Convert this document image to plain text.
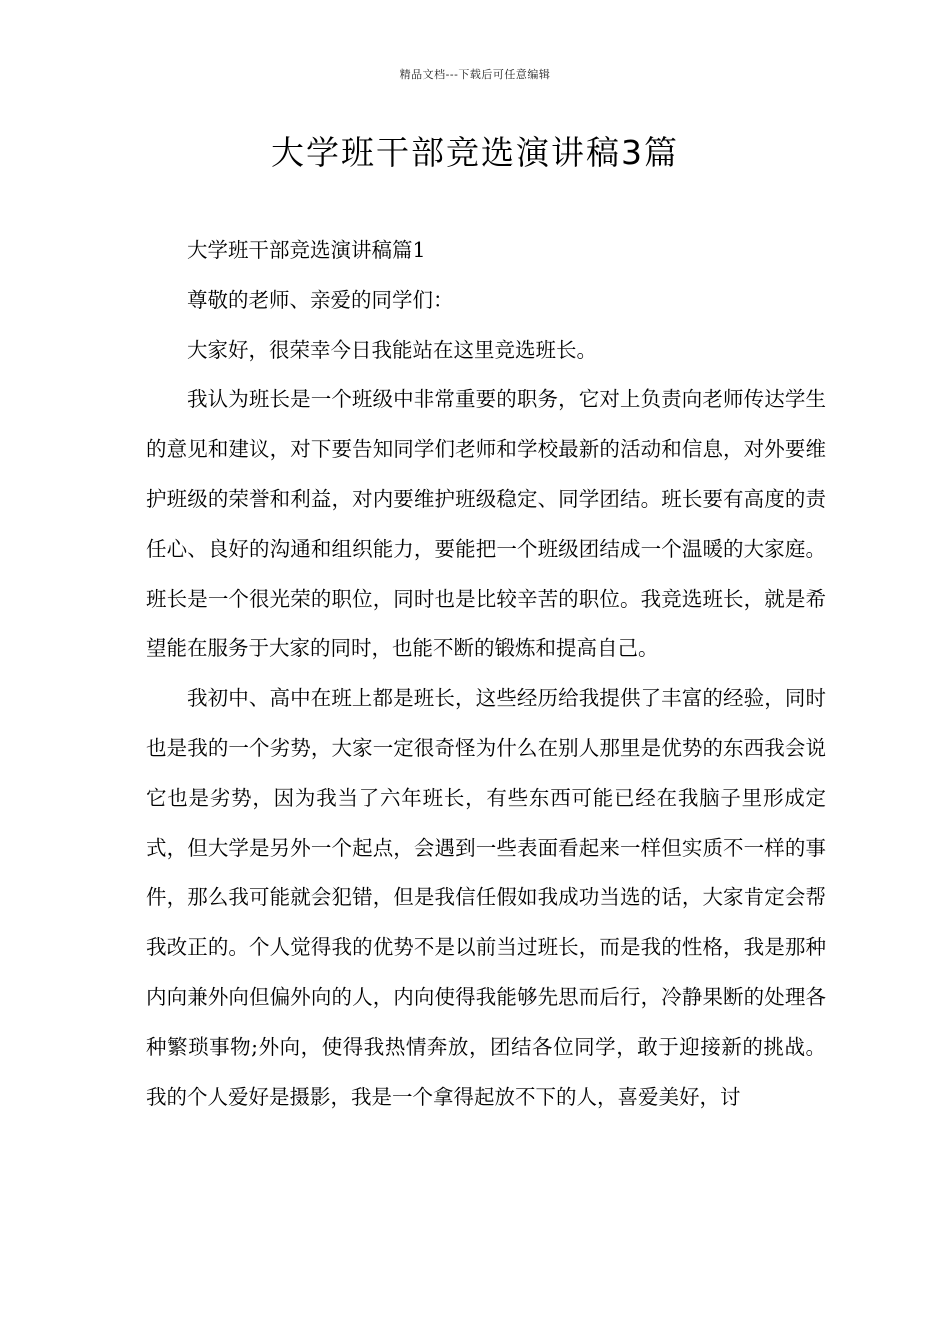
精品文档---下载后可任意编辑
大学班干部竞选演讲稿3篇

大学班干部竞选演讲稿篇1

尊敬的老师、亲爱的同学们：

大家好，很荣幸今日我能站在这里竞选班长。

我认为班长是一个班级中非常重要的职务，它对上负责向老师传达学生的意见和建议，对下要告知同学们老师和学校最新的活动和信息，对外要维护班级的荣誉和利益，对内要维护班级稳定、同学团结。班长要有高度的责任心、良好的沟通和组织能力，要能把一个班级团结成一个温暖的大家庭。班长是一个很光荣的职位，同时也是比较辛苦的职位。我竞选班长，就是希望能在服务于大家的同时，也能不断的锻炼和提高自己。

我初中、高中在班上都是班长，这些经历给我提供了丰富的经验，同时也是我的一个劣势，大家一定很奇怪为什么在别人那里是优势的东西我会说它也是劣势，因为我当了六年班长，有些东西可能已经在我脑子里形成定式，但大学是另外一个起点，会遇到一些表面看起来一样但实质不一样的事件，那么我可能就会犯错，但是我信任假如我成功当选的话，大家肯定会帮我改正的。个人觉得我的优势不是以前当过班长，而是我的性格，我是那种内向兼外向但偏外向的人，内向使得我能够先思而后行，冷静果断的处理各种繁琐事物;外向，使得我热情奔放，团结各位同学，敢于迎接新的挑战。我的个人爱好是摄影，我是一个拿得起放不下的人，喜爱美好，讨
